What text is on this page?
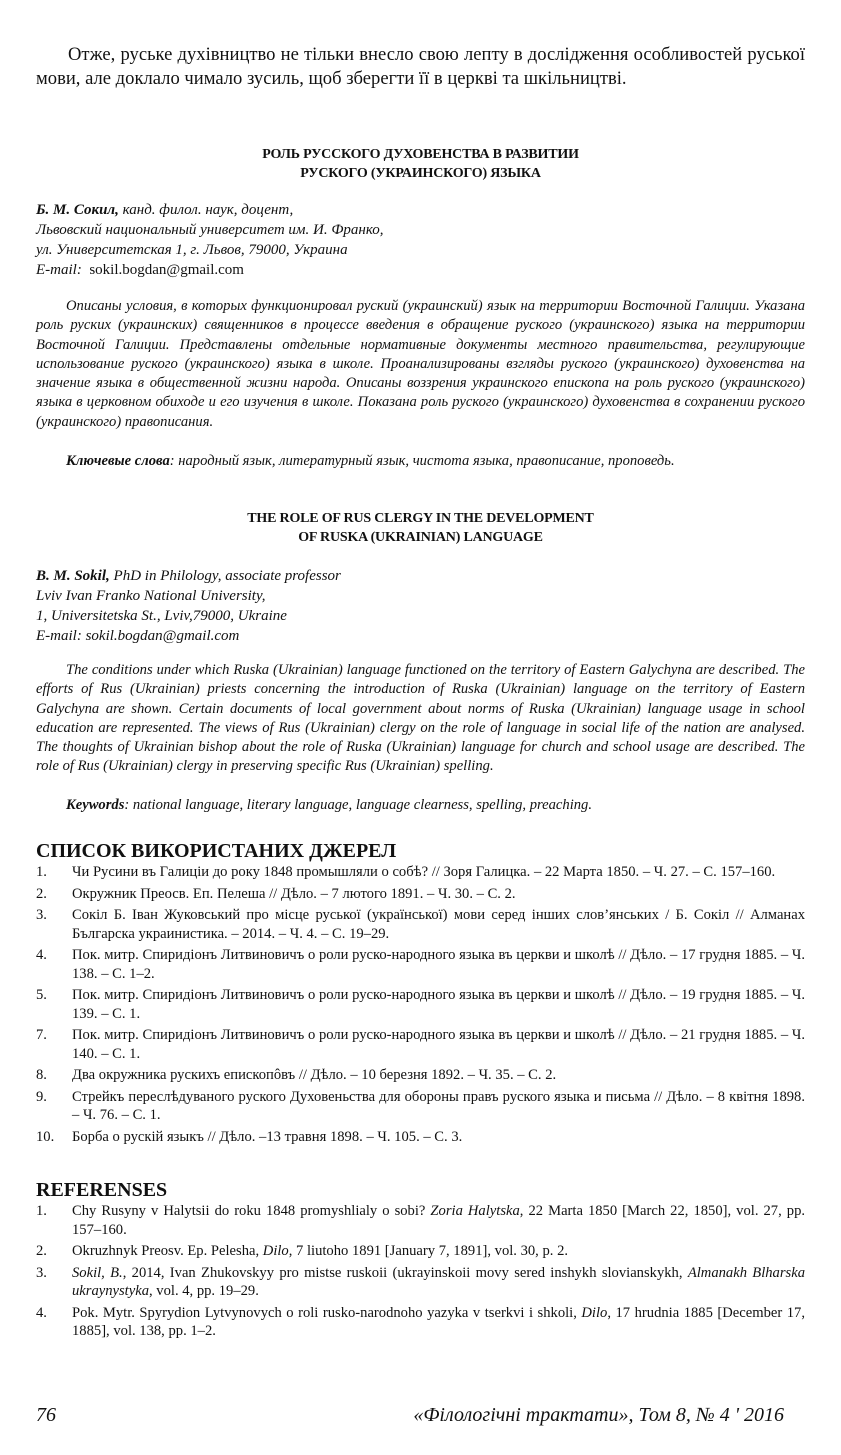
Отже, руське духівництво не тільки внесло свою лепту в дослідження особливостей руської мови, але доклало чимало зусиль, щоб зберегти її в церкві та шкільництві.

РОЛЬ РУССКОГО ДУХОВЕНСТВА В РАЗВИТИИ
РУСКОГО (УКРАИНСКОГО) ЯЗЫКА
Б. М. Сокил, канд. филол. наук, доцент,
Львовский национальный университет им. И. Франко,
ул. Университетская 1, г. Львов, 79000, Украина
E-mail: sokil.bogdan@gmail.com

Описаны условия, в которых функционировал руский (украинский) язык на территории Восточной Галиции. Указана роль руских (украинских) священников в процессе введения в обращение руского (украинского) языка на территории Восточной Галиции. Представлены отдельные нормативные документы местного правительства, регулирующие использование руского (украинского) языка в школе. Проанализированы взгляды руского (украинского) духовенства на значение языка в общественной жизни народа. Описаны воззрения украинского епископа на роль руского (украинского) языка в церковном обиходе и его изучения в школе. Показана роль руского (украинского) духовенства в сохранении руского (украинского) правописания.

Ключевые слова: народный язык, литературный язык, чистота языка, правописание, проповедь.
THE ROLE OF RUS CLERGY IN THE DEVELOPMENT
OF RUSKA (UKRAINIAN) LANGUAGE
B. M. Sokil, PhD in Philology, associate professor
Lviv Ivan Franko National University,
1, Universitetska St., Lviv,79000, Ukraine
E-mail: sokil.bogdan@gmail.com

The conditions under which Ruska (Ukrainian) language functioned on the territory of Eastern Galychyna are described. The efforts of Rus (Ukrainian) priests concerning the introduction of Ruska (Ukrainian) language on the territory of Eastern Galychyna are shown. Certain documents of local government about norms of Ruska (Ukrainian) language usage in school education are represented. The views of Rus (Ukrainian) clergy on the role of language in social life of the nation are analysed. The thoughts of Ukrainian bishop about the role of Ruska (Ukrainian) language for church and school usage are described. The role of Rus (Ukrainian) clergy in preserving specific Rus (Ukrainian) spelling.

Keywords: national language, literary language, language clearness, spelling, preaching.
СПИСОК ВИКОРИСТАНИХ ДЖЕРЕЛ
1. Чи Русини въ Галиціи до року 1848 промышляли о собѣ? // Зоря Галицка. – 22 Марта 1850. – Ч. 27. – С. 157–160.
2. Окружник Преосв. Еп. Пелеша // Дѣло. – 7 лютого 1891. – Ч. 30. – С. 2.
3. Сокіл Б. Іван Жуковський про місце руської (української) мови серед інших слов’янських / Б. Сокіл // Алманах Българска украинистика. – 2014. – Ч. 4. – С. 19–29.
4. Пок. митр. Спиридіонъ Литвиновичъ о роли руско-народного языка въ церкви и школѣ // Дѣло. – 17 грудня 1885. – Ч. 138. – С. 1–2.
5. Пок. митр. Спиридіонъ Литвиновичъ о роли руско-народного языка въ церкви и школѣ // Дѣло. – 19 грудня 1885. – Ч. 139. – С. 1.
7. Пок. митр. Спиридіонъ Литвиновичъ о роли руско-народного языка въ церкви и школѣ // Дѣло. – 21 грудня 1885. – Ч. 140. – С. 1.
8. Два окружника рускихъ епископôвъ // Дѣло. – 10 березня 1892. – Ч. 35. – С. 2.
9. Стрейкъ переслѣдуваного руского Духовеньства для обороны правъ руского языка и письма // Дѣло. – 8 квітня 1898. – Ч. 76. – С. 1.
10. Борба о рускій языкъ // Дѣло. –13 травня 1898. – Ч. 105. – С. 3.
REFERENSES
1. Chy Rusyny v Halytsii do roku 1848 promyshlialy o sobi? Zoria Halytska, 22 Marta 1850 [March 22, 1850], vol. 27, pp. 157–160.
2. Okruzhnyk Preosv. Ep. Pelesha, Dilo, 7 liutoho 1891 [January 7, 1891], vol. 30, p. 2.
3. Sokil, B., 2014, Ivan Zhukovskyy pro mistse ruskoii (ukrayinskoii movy sered inshykh slovianskykh, Almanakh Blharska ukraynystyka, vol. 4, pp. 19–29.
4. Pok. Mytr. Spyrydion Lytvynovych o roli rusko-narodnoho yazyka v tserkvi i shkoli, Dilo, 17 hrudnia 1885 [December 17, 1885], vol. 138, pp. 1–2.
76	«Філологічні трактати», Том 8, № 4 ' 2016
